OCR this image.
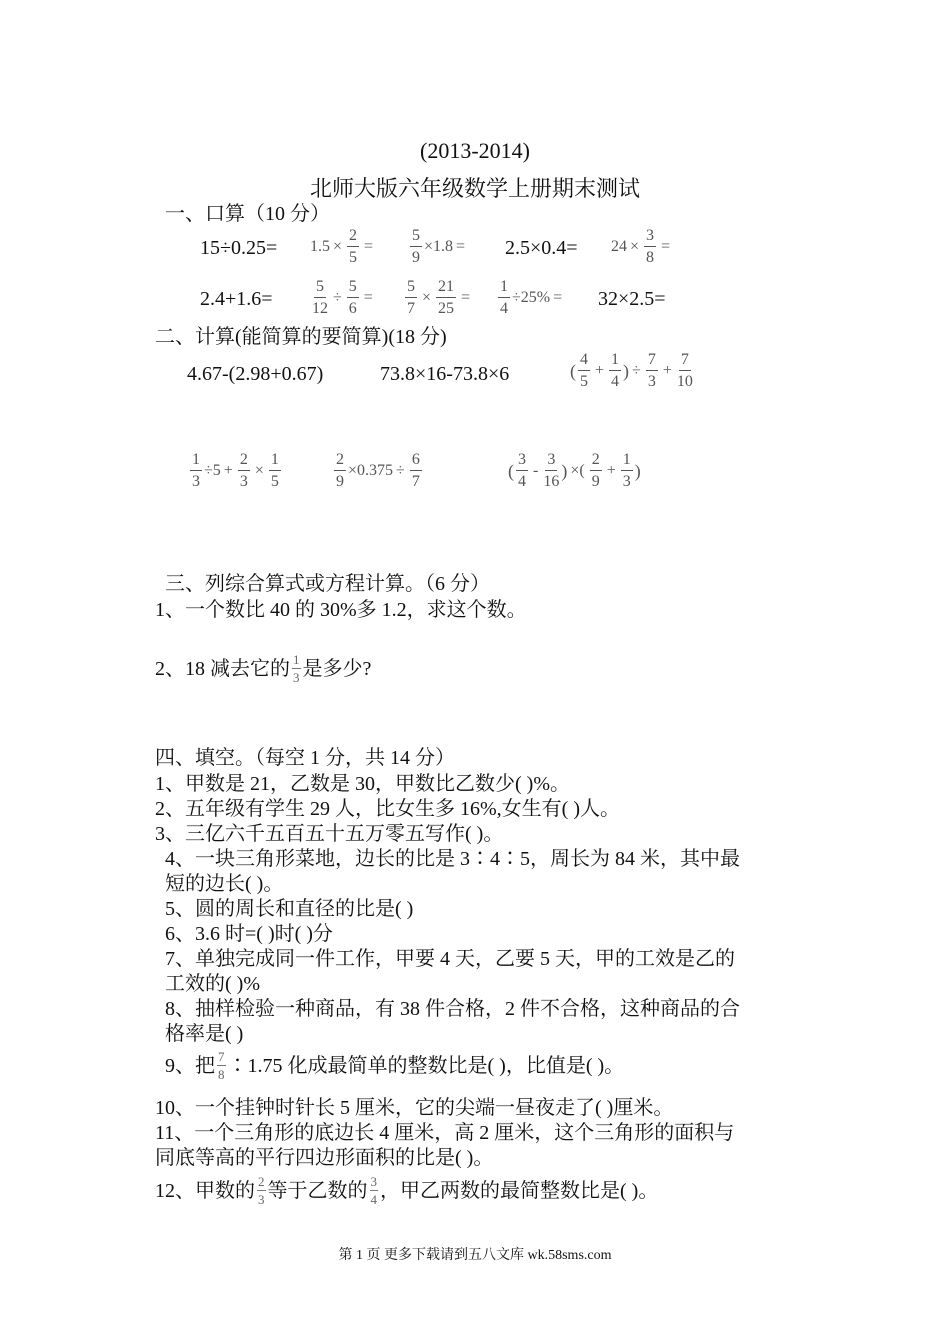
(2013-2014)
北师大版六年级数学上册期末测试
一、口算（10 分）
$15\div 0.25= 1.5 \times \frac{2}{5} = \frac{5}{9} \times 1.8 = 2.5\times 0.4= 24 \times \frac{3}{8}$ =
$2.4+1.6= \frac{5}{12} \div \frac{5}{6} = \frac{5}{7} \times \frac{21}{25} = \frac{1}{4} \div 25\% = 32\times 2.5=$
二、计算(能简算的要简算)(18 分)
4.67-(2.98+0.67)	73.8×16-73.8×6	( $\frac{4}{5} + \frac{1}{4}$ ) ÷ $\frac{7}{3} + \frac{7}{10}$
$\frac{1}{3} \div 5 + \frac{2}{3} \times \frac{1}{5}$	$\frac{2}{9} \times 0.375 \div \frac{6}{7}$	( $\frac{3}{4} - \frac{3}{16}$ ) ×( $\frac{2}{9} + \frac{1}{3}$ )
三、列综合算式或方程计算。（6 分）
1、一个数比 40 的 30%多 1.2，求这个数。
2、18 减去它的 $\frac{1}{3}$ 是多少?
四、填空。（每空 1 分，共 14 分）
1、甲数是 21，乙数是 30，甲数比乙数少( )%。
2、五年级有学生 29 人，比女生多 16%,女生有( )人。
3、三亿六千五百五十五万零五写作( )。
4、一块三角形菜地，边长的比是 3∶4∶5，周长为 84 米，其中最
短的边长( )。
5、圆的周长和直径的比是( )
6、3.6 时=( )时( )分
7、单独完成同一件工作，甲要 4 天，乙要 5 天，甲的工效是乙的
工效的( )%
8、抽样检验一种商品，有 38 件合格，2 件不合格，这种商品的合
格率是( )
9、把 $\frac{7}{8}$ ∶1.75 化成最简单的整数比是( )，比值是( )。
10、一个挂钟时针长 5 厘米，它的尖端一昼夜走了( )厘米。
11、一个三角形的底边长 4 厘米，高 2 厘米，这个三角形的面积与
同底等高的平行四边形面积的比是( )。
12、甲数的 $\frac{2}{3}$ 等于乙数的 $\frac{3}{4}$ ，甲乙两数的最简整数比是( )。
第 1 页 更多下载请到五八文库 wk.58sms.com
